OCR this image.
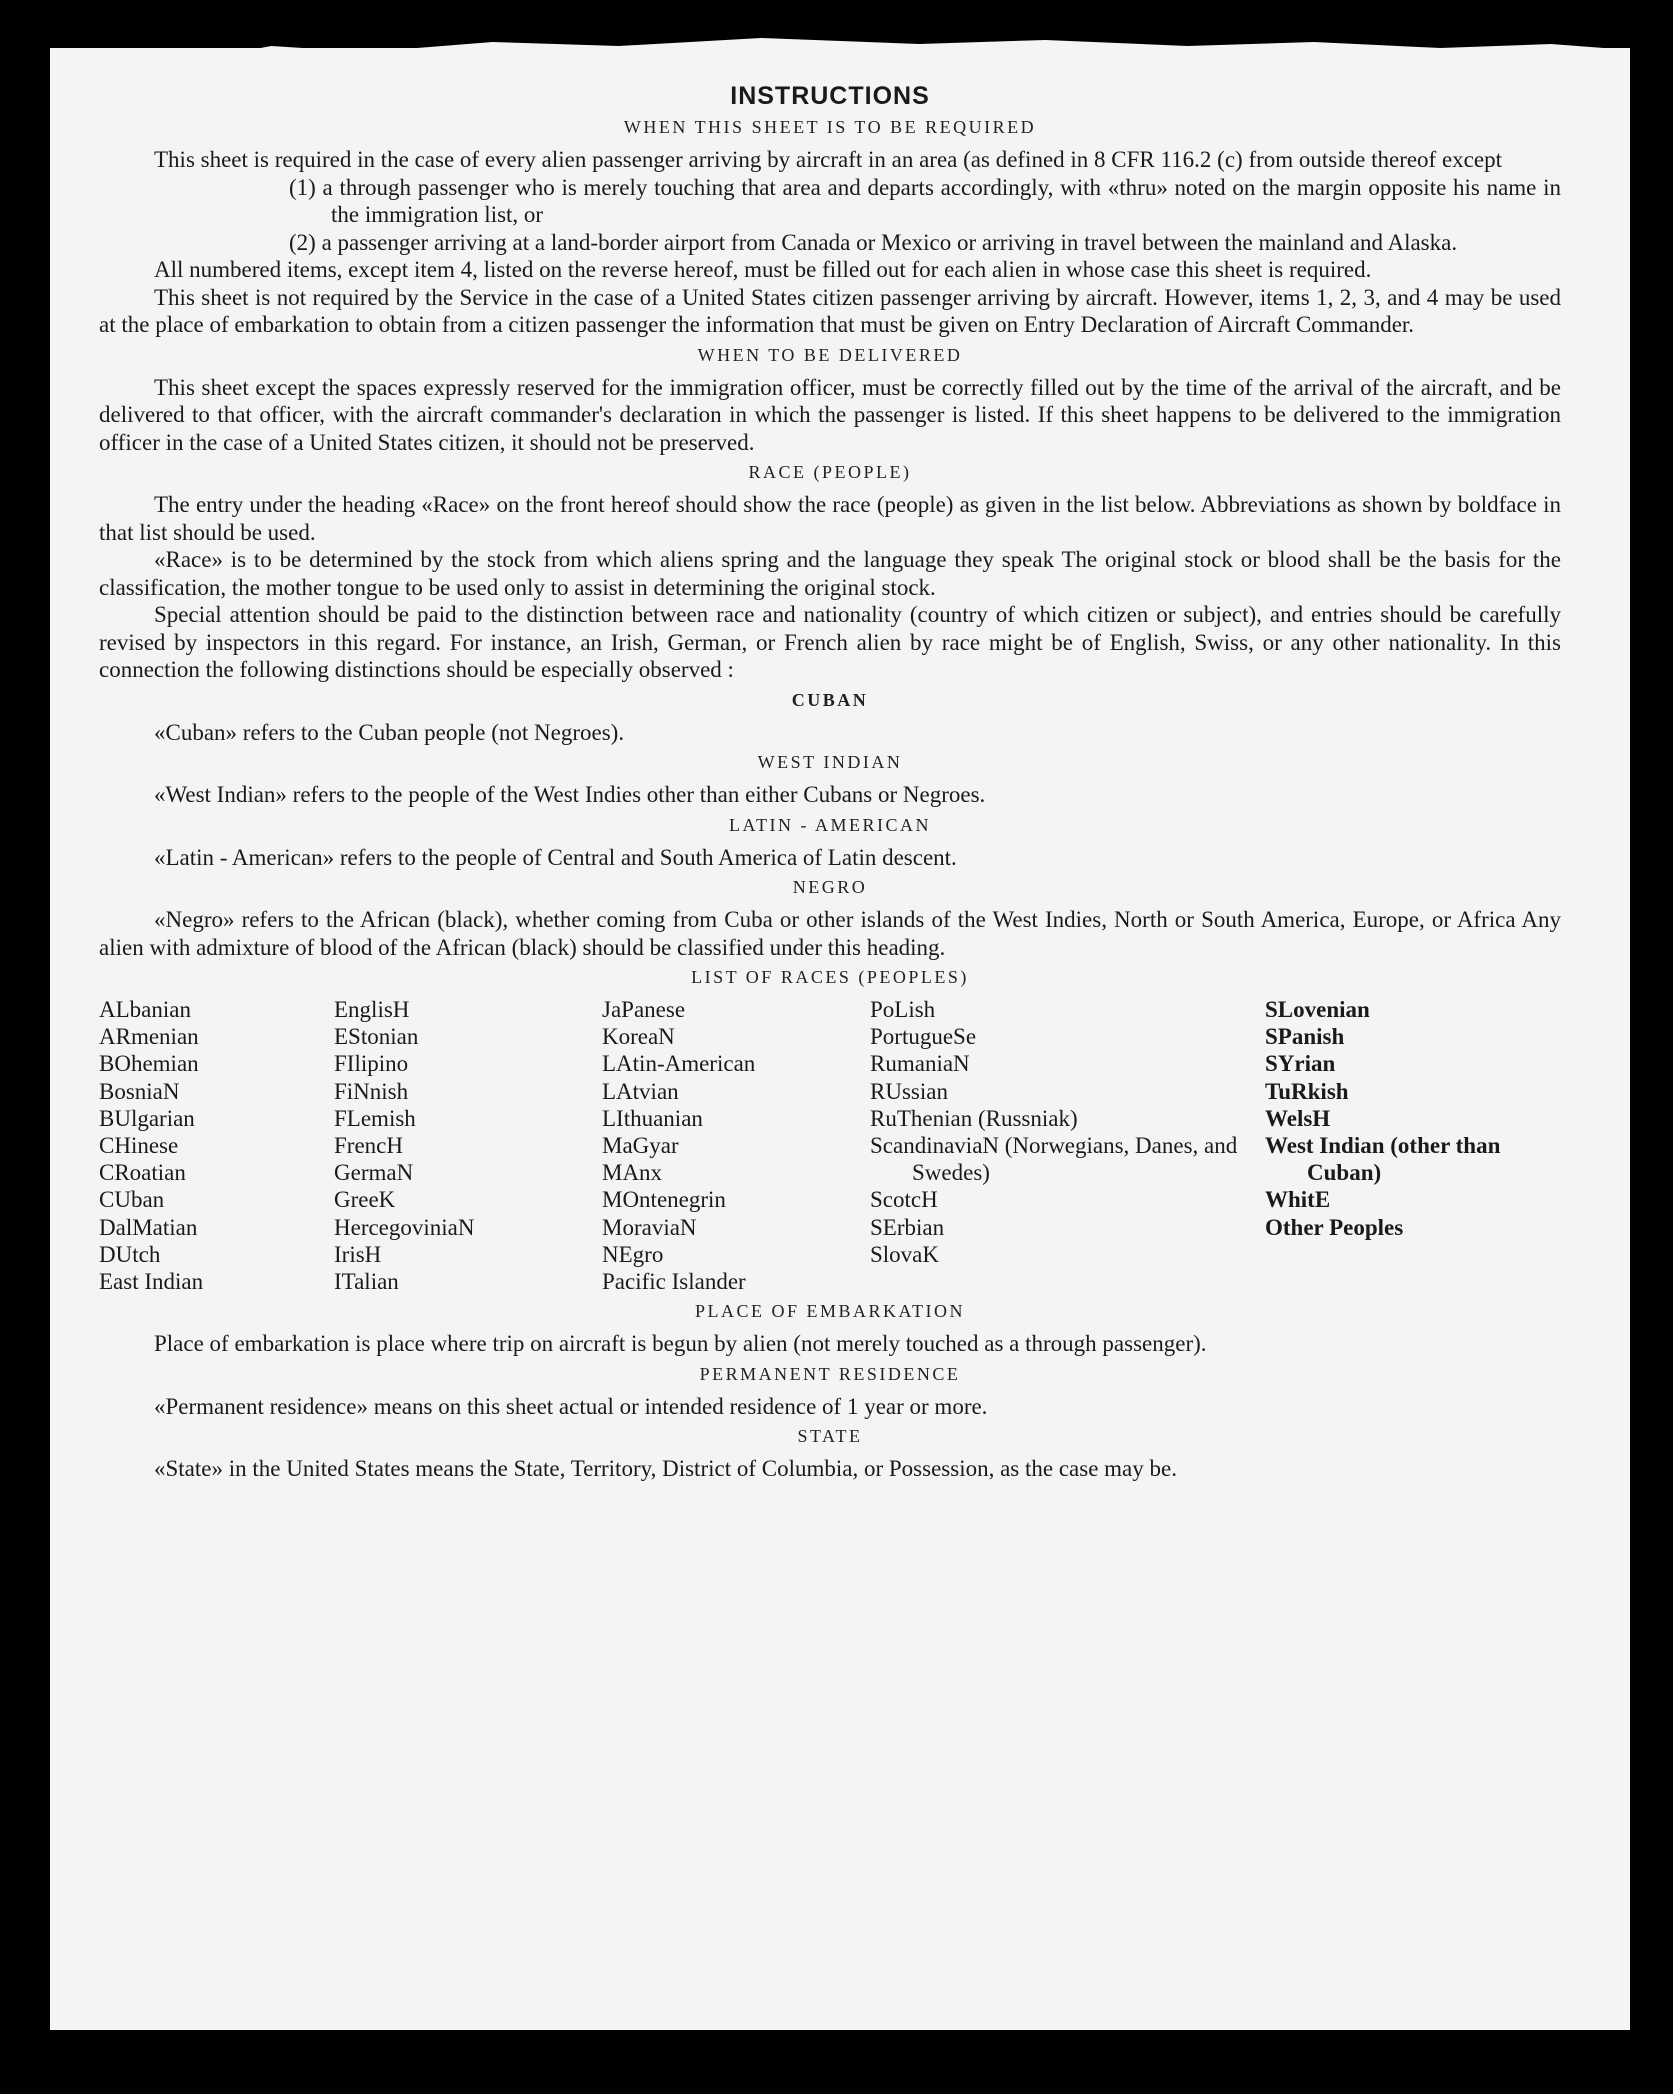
INSTRUCTIONS
WHEN THIS SHEET IS TO BE REQUIRED

This sheet is required in the case of every alien passenger arriving by aircraft in an area (as defined in 8 CFR 116.2 (c) from outside thereof except

(1) a through passenger who is merely touching that area and departs accordingly, with «thru» noted on the margin opposite his name in the immigration list, or
(2) a passenger arriving at a land-border airport from Canada or Mexico or arriving in travel between the mainland and Alaska.

All numbered items, except item 4, listed on the reverse hereof, must be filled out for each alien in whose case this sheet is required.

This sheet is not required by the Service in the case of a United States citizen passenger arriving by aircraft. However, items 1, 2, 3, and 4 may be used at the place of embarkation to obtain from a citizen passenger the information that must be given on Entry Declaration of Aircraft Commander.

WHEN TO BE DELIVERED

This sheet except the spaces expressly reserved for the immigration officer, must be correctly filled out by the time of the arrival of the aircraft, and be delivered to that officer, with the aircraft commander's declaration in which the passenger is listed. If this sheet happens to be delivered to the immigration officer in the case of a United States citizen, it should not be preserved.

RACE (PEOPLE)

The entry under the heading «Race» on the front hereof should show the race (people) as given in the list below. Abbreviations as shown by boldface in that list should be used.

«Race» is to be determined by the stock from which aliens spring and the language they speak The original stock or blood shall be the basis for the classification, the mother tongue to be used only to assist in determining the original stock.

Special attention should be paid to the distinction between race and nationality (country of which citizen or subject), and entries should be carefully revised by inspectors in this regard. For instance, an Irish, German, or French alien by race might be of English, Swiss, or any other nationality. In this connection the following distinctions should be especially observed :

CUBAN

«Cuban» refers to the Cuban people (not Negroes).

WEST INDIAN

«West Indian» refers to the people of the West Indies other than either Cubans or Negroes.

LATIN - AMERICAN

«Latin - American» refers to the people of Central and South America of Latin descent.

NEGRO

«Negro» refers to the African (black), whether coming from Cuba or other islands of the West Indies, North or South America, Europe, or Africa Any alien with admixture of blood of the African (black) should be classified under this heading.

LIST OF RACES (PEOPLES)
ALbanian
ARmenian
BOhemian
BosniaN
BUlgarian
CHinese
CRoatian
CUban
DalMatian
DUtch
East Indian
EnglisH
EStonian
FIlipino
FiNnish
FLemish
FrencH
GermaN
GreeK
HercegoviniaN
IrisH
ITalian
JaPanese
KoreaN
LAtin-American
LAtvian
LIthuanian
MaGyar
MAnx
MOntenegrin
MoraviaN
NEgro
Pacific Islander
PoLish
PortugueSe
RumaniaN
RUssian
RuThenian (Russniak)
ScandinaviaN (Norwegians, Danes, and Swedes)
ScotcH
SErbian
SlovaK
SLovenian
SPanish
SYrian
TuRkish
WelsH
West Indian (other than Cuban)
WhitE
Other Peoples
PLACE OF EMBARKATION

Place of embarkation is place where trip on aircraft is begun by alien (not merely touched as a through passenger).

PERMANENT RESIDENCE

«Permanent residence» means on this sheet actual or intended residence of 1 year or more.

STATE

«State» in the United States means the State, Territory, District of Columbia, or Possession, as the case may be.
